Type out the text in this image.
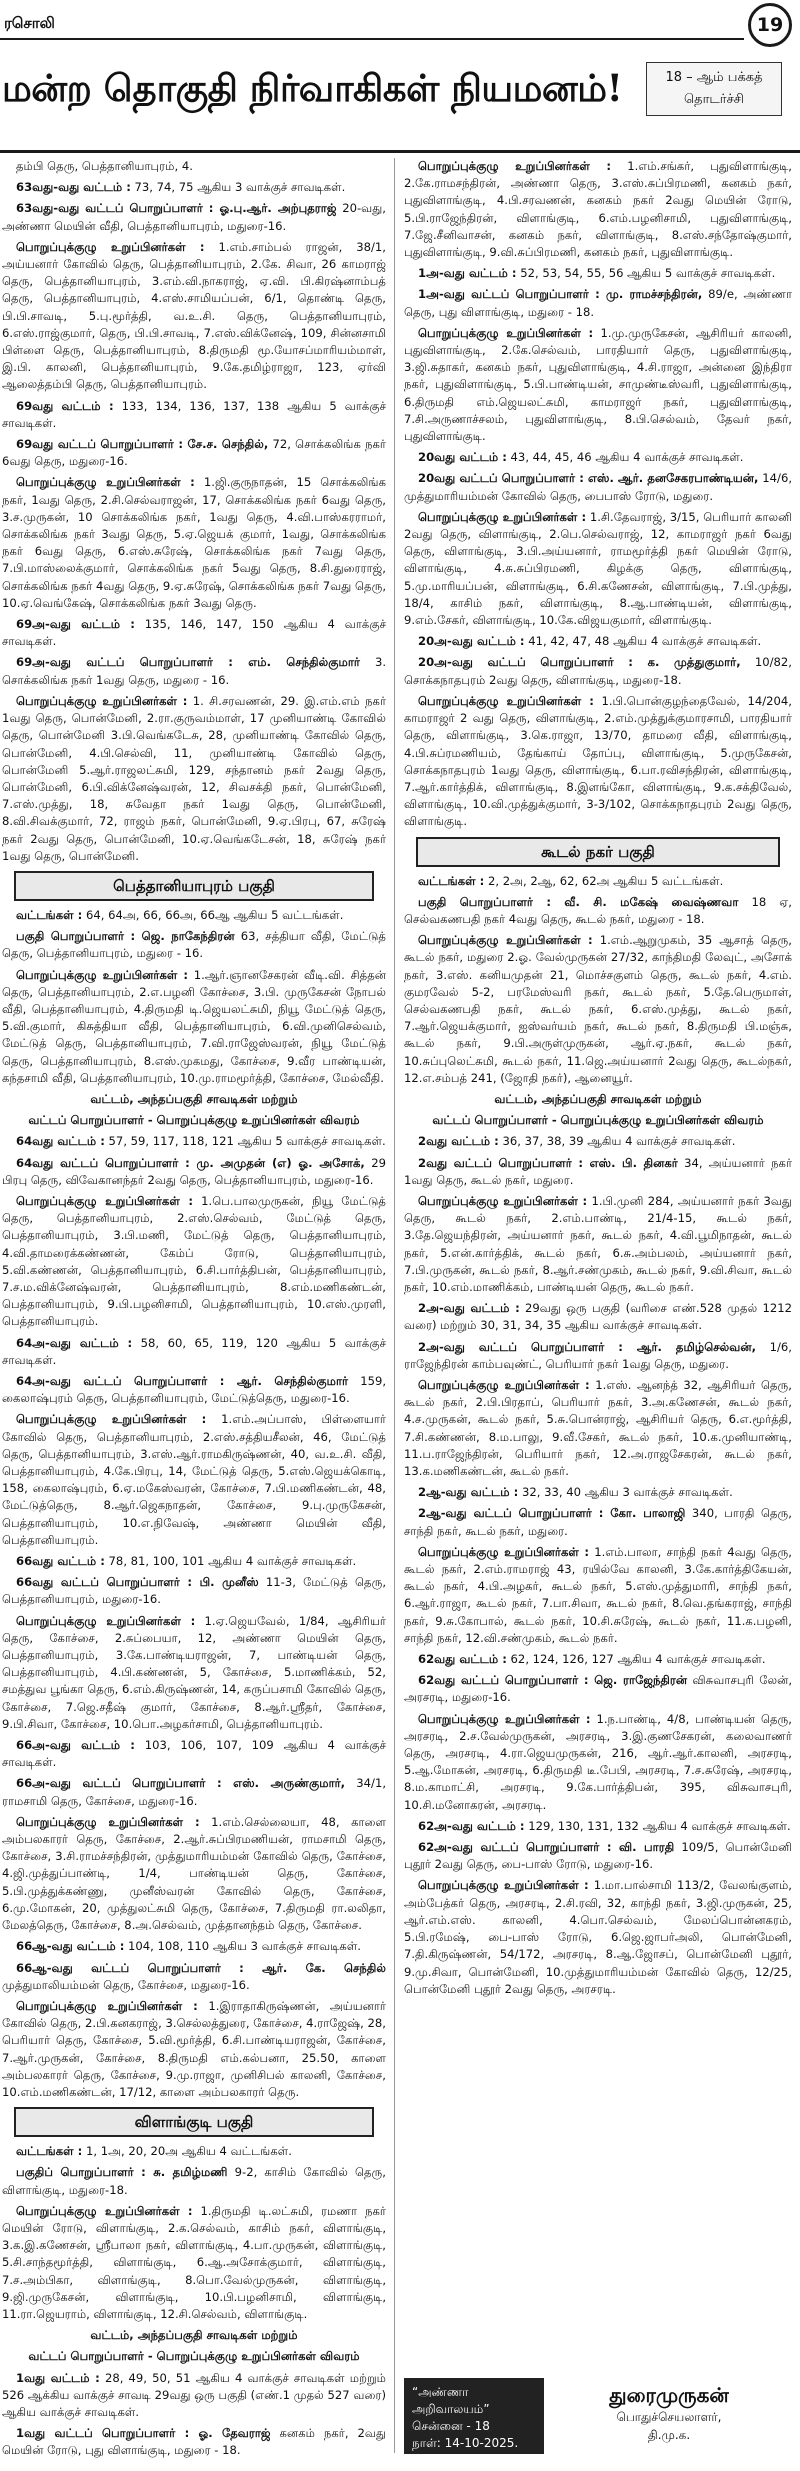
ரசொலி	19
மன்ற தொகுதி நிர்வாகிகள் நியமனம்!	18 – ஆம் பக்கத்
தொடர்ச்சி

தம்பி தெரு, பெத்தானியாபுரம், 4.

63வது-வது வட்டம் : 73, 74, 75 ஆகிய 3 வாக்குச் சாவடிகள்.

63வது-வது வட்டப் பொறுப்பாளர் : ஓ.பு.ஆர். அற்புதராஜ் 20-வது, அண்ணா மெயின் வீதி, பெத்தானியாபுரம், மதுரை-16.

பொறுப்புக்குழு உறுப்பினர்கள் : 1.எம்.சாம்பல் ராஜன், 38/1, அய்யனார் கோவில் தெரு, பெத்தானியாபுரம், 2.கே. சிவா, 26 காமராஜ் தெரு, பெத்தானியாபுரம், 3.எம்.வி.நாகராஜ், ஏ.வி. பி.கிரஷ்னாம்பத் தெரு, பெத்தானியாபுரம், 4.எஸ்.சாமியப்பன், 6/1, தொண்டி தெரு, பி.பி.சாவடி, 5.பு.மூர்த்தி, வ.உ.சி. தெரு, பெத்தானியாபுரம், 6.எஸ்.ராஜ்குமார், தெரு, பி.பி.சாவடி, 7.எஸ்.விக்னேஷ், 109, சின்னசாமி பிள்ளை தெரு, பெத்தானியாபுரம், 8.திருமதி மூ.யோசப்மாரியம்மாள், இ.பி. காலனி, பெத்தானியாபுரம், 9.கே.தமிழ்ராஜா, 123, ஏர்வி ஆலைத்தம்பி தெரு, பெத்தானியாபுரம்.

69வது வட்டம் : 133, 134, 136, 137, 138 ஆகிய 5 வாக்குச் சாவடிகள்.

69வது வட்டப் பொறுப்பாளர் : சே.ச. செந்தில், 72, சொக்கலிங்க நகர் 6வது தெரு, மதுரை-16.

பொறுப்புக்குழு உறுப்பினர்கள் : 1.ஜி.குருநாதன், 15 சொக்கலிங்க நகர், 1வது தெரு, 2.சி.செல்வராஜன், 17, சொக்கலிங்க நகர் 6வது தெரு, 3.ச.முருகன், 10 சொக்கலிங்க நகர், 1வது தெரு, 4.வி.பாஸ்கரராமர், சொக்கலிங்க நகர் 3வது தெரு, 5.ஏ.ஜெயக் குமார், 1வது, சொக்கலிங்க நகர் 6வது தெரு, 6.எஸ்.சுரேஷ், சொக்கலிங்க நகர் 7வது தெரு, 7.பி.மாஸ்லைக்குமார், சொக்கலிங்க நகர் 5வது தெரு, 8.சி.துரைராஜ், சொக்கலிங்க நகர் 4வது தெரு, 9.ஏ.சுரேஷ், சொக்கலிங்க நகர் 7வது தெரு, 10.ஏ.வெங்கேஷ், சொக்கலிங்க நகர் 3வது தெரு.

69அ-வது வட்டம் : 135, 146, 147, 150 ஆகிய 4 வாக்குச் சாவடிகள்.

69அ-வது வட்டப் பொறுப்பாளர் : எம். செந்தில்குமார் 3. சொக்கலிங்க நகர் 1வது தெரு, மதுரை - 16.

பொறுப்புக்குழு உறுப்பினர்கள் : 1. சி.சரவணன், 29. இ.எம்.எம் நகர் 1வது தெரு, பொன்மேனி, 2.ரா.குருவம்மாள், 17 முனியாண்டி கோவில் தெரு, பொன்மேனி 3.பி.வெங்கடேசு, 28, முனியாண்டி கோவில் தெரு, பொன்மேனி, 4.பி.செல்வி, 11, முனியாண்டி கோவில் தெரு, பொன்மேனி 5.ஆர்.ராஜலட்சுமி, 129, சந்தானம் நகர் 2வது தெரு, பொன்மேனி, 6.பி.விக்னேஷ்வரன், 12, சிவசக்தி நகர், பொன்மேனி, 7.எஸ்.முத்து, 18, சுவேதா நகர் 1வது தெரு, பொன்மேனி, 8.வி.சிவக்குமார், 72, ராஜம் நகர், பொன்மேனி, 9.ஏ.பிரபு, 67, சுரேஷ் நகர் 2வது தெரு, பொன்மேனி, 10.ஏ.வெங்கடேசன், 18, சுரேஷ் நகர் 1வது தெரு, பொன்மேனி.

பெத்தானியாபுரம் பகுதி

வட்டங்கள் : 64, 64அ, 66, 66அ, 66ஆ ஆகிய 5 வட்டங்கள்.

பகுதி பொறுப்பாளர் : ஜெ. நாகேந்திரன் 63, சத்தியா வீதி, மேட்டுத் தெரு, பெத்தானியாபுரம், மதுரை - 16.

பொறுப்புக்குழு உறுப்பினர்கள் : 1.ஆர்.ஞானசேகரன் வீடி.வி. சித்தன் தெரு, பெத்தானியாபுரம், 2.எ.பழனி கோச்சை, 3.பி. முருகேசன் நோபல் வீதி, பெத்தானியாபுரம், 4.திருமதி டி.ஜெயலட்சுமி, நியூ மேட்டுத் தெரு, 5.வி.குமார், கிசுத்தியா வீதி, பெத்தானியாபுரம், 6.வி.முனிசெல்வம், மேட்டுத் தெரு, பெத்தானியாபுரம், 7.வி.ராஜேஸ்வரன், நியூ மேட்டுத் தெரு, பெத்தானியாபுரம், 8.எஸ்.முகமது, கோச்சை, 9.வீர பாண்டியன், கந்தசாமி வீதி, பெத்தானியாபுரம், 10.மு.ராமமூர்த்தி, கோச்சை, மேல்வீதி.

வட்டம், அந்தப்பகுதி சாவடிகள் மற்றும்
வட்டப் பொறுப்பாளர் - பொறுப்புக்குழு உறுப்பினர்கள் விவரம்

64வது வட்டம் : 57, 59, 117, 118, 121 ஆகிய 5 வாக்குச் சாவடிகள்.

64வது வட்டப் பொறுப்பாளர் : மு. அமுதன் (எ) ஓ. அசோக், 29 பிரபு தெரு, விவேகானந்தர் 2வது தெரு, பெத்தானியாபுரம், மதுரை-16.

பொறுப்புக்குழு உறுப்பினர்கள் : 1.பெ.பாலமுருகன், நியூ மேட்டுத் தெரு, பெத்தானியாபுரம், 2.எஸ்.செல்வம், மேட்டுத் தெரு, பெத்தானியாபுரம், 3.பி.மணி, மேட்டுத் தெரு, பெத்தானியாபுரம், 4.வி.தாமரைக்கண்ணன், கேம்ப் ரோடு, பெத்தானியாபுரம், 5.வி.கண்ணன், பெத்தானியாபுரம், 6.சி.பார்த்திபன், பெத்தானியாபுரம், 7.ச.ம.விக்னேஷ்வரன், பெத்தானியாபுரம், 8.எம்.மணிகண்டன், பெத்தானியாபுரம், 9.பி.பழனிசாமி, பெத்தானியாபுரம், 10.எஸ்.முரளி, பெத்தானியாபுரம்.

64அ-வது வட்டம் : 58, 60, 65, 119, 120 ஆகிய 5 வாக்குச் சாவடிகள்.

64அ-வது வட்டப் பொறுப்பாளர் : ஆர். செந்தில்குமார் 159, கைலாஷ்புரம் தெரு, பெத்தானியாபுரம், மேட்டுத்தெரு, மதுரை-16.

பொறுப்புக்குழு உறுப்பினர்கள் : 1.எம்.அப்பாஸ், பிள்ளையார் கோவில் தெரு, பெத்தானியாபுரம், 2.எஸ்.சத்தியசீலன், 46, மேட்டுத் தெரு, பெத்தானியாபுரம், 3.எஸ்.ஆர்.ராமகிருஷ்ணன், 40, வ.உ.சி. வீதி, பெத்தானியாபுரம், 4.கே.பிரபு, 14, மேட்டுத் தெரு, 5.எஸ்.ஜெயக்கொடி, 158, கைலாஷ்புரம், 6.ஏ.மகேஸ்வரன், கோச்சை, 7.பி.மணிகண்டன், 48, மேட்டுத்தெரு, 8.ஆர்.ஜெகநாதன், கோச்சை, 9.பு.முருகேசன், பெத்தானியாபுரம், 10.எ.நிவேஷ், அண்ணா மெயின் வீதி, பெத்தானியாபுரம்.

66வது வட்டம் : 78, 81, 100, 101 ஆகிய 4 வாக்குச் சாவடிகள்.

66வது வட்டப் பொறுப்பாளர் : பி. முனீஸ் 11-3, மேட்டுத் தெரு, பெத்தானியாபுரம், மதுரை-16.

பொறுப்புக்குழு உறுப்பினர்கள் : 1.ஏ.ஜெயவேல், 1/84, ஆசிரியர் தெரு, கோச்சை, 2.சுப்பையா, 12, அண்ணா மெயின் தெரு, பெத்தானியாபுரம், 3.கே.பாண்டியராஜன், 7, பாண்டியன் தெரு, பெத்தானியாபுரம், 4.பி.கண்ணன், 5, கோச்சை, 5.மாணிக்கம், 52, சமத்துவ பூங்கா தெரு, 6.எம்.கிருஷ்ணன், 14, கருப்பசாமி கோவில் தெரு, கோச்சை, 7.ஜெ.சதீஷ் குமார், கோச்சை, 8.ஆர்.ஸ்ரீதர், கோச்சை, 9.பி.சிவா, கோச்சை, 10.பொ.அழகர்சாமி, பெத்தானியாபுரம்.

66அ-வது வட்டம் : 103, 106, 107, 109 ஆகிய 4 வாக்குச் சாவடிகள்.

66அ-வது வட்டப் பொறுப்பாளர் : எஸ். அருண்குமார், 34/1, ராமசாமி தெரு, கோச்சை, மதுரை-16.

பொறுப்புக்குழு உறுப்பினர்கள் : 1.எம்.செல்லையா, 48, காளை அம்பலகாரர் தெரு, கோச்சை, 2.ஆர்.சுப்பிரமணியன், ராமசாமி தெரு, கோச்சை, 3.சி.ராமச்சந்திரன், முத்துமாரியம்மன் கோவில் தெரு, கோச்சை, 4.ஜி.முத்துப்பாண்டி, 1/4, பாண்டியன் தெரு, கோச்சை, 5.பி.முத்துக்கண்ணு, முனீஸ்வரன் கோவில் தெரு, கோச்சை, 6.மு.மோகன், 20, முத்துலட்சுமி தெரு, கோச்சை, 7.திருமதி ரா.லலிதா, மேலத்தெரு, கோச்சை, 8.அ.செல்வம், முத்தானந்தம் தெரு, கோச்சை.

66ஆ-வது வட்டம் : 104, 108, 110 ஆகிய 3 வாக்குச் சாவடிகள்.

66ஆ-வது வட்டப் பொறுப்பாளர் : ஆர். கே. செந்தில் முத்துமாலியம்மன் தெரு, கோச்சை, மதுரை-16.

பொறுப்புக்குழு உறுப்பினர்கள் : 1.இராதாகிருஷ்ணன், அய்யனார் கோவில் தெரு, 2.பி.கனகராஜ், 3.செல்லத்துரை, கோச்சை, 4.ராஜேஷ், 28, பெரியார் தெரு, கோச்சை, 5.வி.மூர்த்தி, 6.சி.பாண்டியராஜன், கோச்சை, 7.ஆர்.முருகன், கோச்சை, 8.திருமதி எம்.கல்பனா, 25.50, காளை அம்பலகாரர் தெரு, கோச்சை, 9.மு.ராஜா, முனிசிபல் காலனி, கோச்சை, 10.எம்.மணிகண்டன், 17/12, காளை அம்பலகாரர் தெரு.

விளாங்குடி பகுதி

வட்டங்கள் : 1, 1அ, 20, 20அ ஆகிய 4 வட்டங்கள்.

பகுதிப் பொறுப்பாளர் : சு. தமிழ்மணி 9-2, காசிம் கோவில் தெரு, விளாங்குடி, மதுரை-18.

பொறுப்புக்குழு உறுப்பினர்கள் : 1.திருமதி டி.லட்சுமி, ரமணா நகர் மெயின் ரோடு, விளாங்குடி, 2.க.செல்வம், காசிம் நகர், விளாங்குடி, 3.க.இ.கணேசன், ஸ்ரீபாலா நகர், விளாங்குடி, 4.பா.முருகன், விளாங்குடி, 5.சி.சாந்தமூர்த்தி, விளாங்குடி, 6.ஆ.அசோக்குமார், விளாங்குடி, 7.ச.அம்பிகா, விளாங்குடி, 8.பொ.வேல்முருகன், விளாங்குடி, 9.ஜி.முருகேசன், விளாங்குடி, 10.பி.பழனிசாமி, விளாங்குடி, 11.ரா.ஜெயராம், விளாங்குடி, 12.சி.செல்வம், விளாங்குடி.

வட்டம், அந்தப்பகுதி சாவடிகள் மற்றும்
வட்டப் பொறுப்பாளர் - பொறுப்புக்குழு உறுப்பினர்கள் விவரம்

1வது வட்டம் : 28, 49, 50, 51 ஆகிய 4 வாக்குச் சாவடிகள் மற்றும் 526 ஆக்கிய வாக்குச் சாவடி 29வது ஒரு பகுதி (எண்.1 முதல் 527 வரை) ஆகிய வாக்குச் சாவடிகள்.

1வது வட்டப் பொறுப்பாளர் : ஓ. தேவராஜ் கனகம் நகர், 2வது மெயின் ரோடு, புது விளாங்குடி, மதுரை - 18.

பொறுப்புக்குழு உறுப்பினர்கள் : 1.எம்.சங்கர், புதுவிளாங்குடி, 2.கே.ராமசந்திரன், அண்ணா தெரு, 3.எஸ்.சுப்பிரமணி, கனகம் நகர், புதுவிளாங்குடி, 4.பி.சரவணன், கனகம் நகர் 2வது மெயின் ரோடு, 5.பி.ராஜேந்திரன், விளாங்குடி, 6.எம்.பழனிசாமி, புதுவிளாங்குடி, 7.ஜே.சீனிவாசன், கனகம் நகர், விளாங்குடி, 8.எஸ்.சந்தோஷ்குமார், புதுவிளாங்குடி, 9.வி.சுப்பிரமணி, கனகம் நகர், புதுவிளாங்குடி.

1அ-வது வட்டம் : 52, 53, 54, 55, 56 ஆகிய 5 வாக்குச் சாவடிகள்.

1அ-வது வட்டப் பொறுப்பாளர் : மு. ராமச்சந்திரன், 89/e, அண்ணா தெரு, புது விளாங்குடி, மதுரை - 18.

பொறுப்புக்குழு உறுப்பினர்கள் : 1.மு.முருகேசன், ஆசிரியர் காலனி, புதுவிளாங்குடி, 2.கே.செல்வம், பாரதியார் தெரு, புதுவிளாங்குடி, 3.ஜி.சுதாகர், கனகம் நகர், புதுவிளாங்குடி, 4.சி.ராஜா, அன்னை இந்திரா நகர், புதுவிளாங்குடி, 5.பி.பாண்டியன், சாமுண்டீஸ்வரி, புதுவிளாங்குடி, 6.திருமதி எம்.ஜெயலட்சுமி, காமராஜர் நகர், புதுவிளாங்குடி, 7.சி.அருணாச்சலம், புதுவிளாங்குடி, 8.பி.செல்வம், தேவர் நகர், புதுவிளாங்குடி.

20வது வட்டம் : 43, 44, 45, 46 ஆகிய 4 வாக்குச் சாவடிகள்.

20வது வட்டப் பொறுப்பாளர் : எஸ். ஆர். தனசேகரபாண்டியன், 14/6, முத்துமாரியம்மன் கோவில் தெரு, பைபாஸ் ரோடு, மதுரை.

பொறுப்புக்குழு உறுப்பினர்கள் : 1.சி.தேவராஜ், 3/15, பெரியார் காலனி 2வது தெரு, விளாங்குடி, 2.பெ.செல்வராஜ், 12, காமராஜர் நகர் 6வது தெரு, விளாங்குடி, 3.பி.அய்யனார், ராமமூர்த்தி நகர் மெயின் ரோடு, விளாங்குடி, 4.சு.சுப்பிரமணி, கிழக்கு தெரு, விளாங்குடி, 5.மு.மாரியப்பன், விளாங்குடி, 6.சி.கணேசன், விளாங்குடி, 7.பி.முத்து, 18/4, காசிம் நகர், விளாங்குடி, 8.ஆ.பாண்டியன், விளாங்குடி, 9.எம்.சேகர், விளாங்குடி, 10.கே.விஜயகுமார், விளாங்குடி.

20அ-வது வட்டம் : 41, 42, 47, 48 ஆகிய 4 வாக்குச் சாவடிகள்.

20அ-வது வட்டப் பொறுப்பாளர் : க. முத்துகுமார், 10/82, சொக்கநாதபுரம் 2வது தெரு, விளாங்குடி, மதுரை-18.

பொறுப்புக்குழு உறுப்பினர்கள் : 1.பி.பொன்குழந்தைவேல், 14/204, காமராஜர் 2 வது தெரு, விளாங்குடி, 2.எம்.முத்துக்குமாரசாமி, பாரதியார் தெரு, விளாங்குடி, 3.கெ.ராஜா, 13/70, தாமரை வீதி, விளாங்குடி, 4.பி.சுப்ரமணியம், தேங்காய் தோப்பு, விளாங்குடி, 5.முருகேசன், சொக்கநாதபுரம் 1வது தெரு, விளாங்குடி, 6.பா.ரவிசந்திரன், விளாங்குடி, 7.ஆர்.கார்த்திக், விளாங்குடி, 8.இளங்கோ, விளாங்குடி, 9.க.சக்திவேல், விளாங்குடி, 10.வி.முத்துக்குமார், 3-3/102, சொக்கநாதபுரம் 2வது தெரு, விளாங்குடி.

கூடல் நகர் பகுதி

வட்டங்கள் : 2, 2அ, 2ஆ, 62, 62அ ஆகிய 5 வட்டங்கள்.

பகுதி பொறுப்பாளர் : வீ. சி. மகேஷ் வைஷ்ணவா 18 ஏ, செல்வகணபதி நகர் 4வது தெரு, கூடல் நகர், மதுரை - 18.

பொறுப்புக்குழு உறுப்பினர்கள் : 1.எம்.ஆறுமுகம், 35 ஆசாத் தெரு, கூடல் நகர், மதுரை 2.ஓ. வேல்முருகன் 27/32, காந்திமதி லேவுட், அசோக் நகர், 3.எஸ். கனியமுதன் 21, மொச்சகுளம் தெரு, கூடல் நகர், 4.எம். குமரவேல் 5-2, பரமேஸ்வரி நகர், கூடல் நகர், 5.தே.பெருமாள், செல்வகணபதி நகர், கூடல் நகர், 6.எஸ்.முத்து, கூடல் நகர், 7.ஆர்.ஜெயக்குமார், ஐஸ்வர்யம் நகர், கூடல் நகர், 8.திருமதி பி.மஞ்சு, கூடல் நகர், 9.பி.அருள்முருகன், ஆர்.ஏ.நகர், கூடல் நகர், 10.சுப்புலெட்சுமி, கூடல் நகர், 11.ஜெ.அய்யனார் 2வது தெரு, கூடல்நகர், 12.எ.சம்பத் 241, (ஜோதி நகர்), ஆனையூர்.

வட்டம், அந்தப்பகுதி சாவடிகள் மற்றும்
வட்டப் பொறுப்பாளர் - பொறுப்புக்குழு உறுப்பினர்கள் விவரம்

2வது வட்டம் : 36, 37, 38, 39 ஆகிய 4 வாக்குச் சாவடிகள்.

2வது வட்டப் பொறுப்பாளர் : எஸ். பி. தினகர் 34, அய்யனார் நகர் 1வது தெரு, கூடல் நகர், மதுரை.

பொறுப்புக்குழு உறுப்பினர்கள் : 1.பி.முனி 284, அய்யனார் நகர் 3வது தெரு, கூடல் நகர், 2.எம்.பாண்டி, 21/4-15, கூடல் நகர், 3.தே.ஜெயந்திரன், அய்யனார் நகர், கூடல் நகர், 4.வி.பூமிநாதன், கூடல் நகர், 5.என்.கார்த்திக், கூடல் நகர், 6.சு.அம்பலம், அய்யனார் நகர், 7.பி.முருகன், கூடல் நகர், 8.ஆர்.சண்முகம், கூடல் நகர், 9.வி.சிவா, கூடல் நகர், 10.எம்.மாணிக்கம், பாண்டியன் தெரு, கூடல் நகர்.

2அ-வது வட்டம் : 29வது ஒரு பகுதி (வரிசை எண்.528 முதல் 1212 வரை) மற்றும் 30, 31, 34, 35 ஆகிய வாக்குச் சாவடிகள்.

2அ-வது வட்டப் பொறுப்பாளர் : ஆர். தமிழ்செல்வன், 1/6, ராஜேந்திரன் காம்பவுண்ட், பெரியார் நகர் 1வது தெரு, மதுரை.

பொறுப்புக்குழு உறுப்பினர்கள் : 1.எஸ். ஆனந்த் 32, ஆசிரியர் தெரு, கூடல் நகர், 2.பி.பிரதாப், பெரியார் நகர், 3.அ.கணேசன், கூடல் நகர், 4.ச.முருகன், கூடல் நகர், 5.சு.பொன்ராஜ், ஆசிரியர் தெரு, 6.எ.மூர்த்தி, 7.சி.கண்ணன், 8.ம.பாலு, 9.வீ.சேகர், கூடல் நகர், 10.க.முனியாண்டி, 11.ப.ராஜேந்திரன், பெரியார் நகர், 12.அ.ராஜசேகரன், கூடல் நகர், 13.க.மணிகண்டன், கூடல் நகர்.

2ஆ-வது வட்டம் : 32, 33, 40 ஆகிய 3 வாக்குச் சாவடிகள்.

2ஆ-வது வட்டப் பொறுப்பாளர் : கோ. பாலாஜி 340, பாரதி தெரு, சாந்தி நகர், கூடல் நகர், மதுரை.

பொறுப்புக்குழு உறுப்பினர்கள் : 1.எம்.பாலா, சாந்தி நகர் 4வது தெரு, கூடல் நகர், 2.எம்.ராமராஜ் 43, ரயில்வே காலனி, 3.கே.கார்த்திகேயன், கூடல் நகர், 4.பி.அழகர், கூடல் நகர், 5.எஸ்.முத்துமாரி, சாந்தி நகர், 6.ஆர்.ராஜா, கூடல் நகர், 7.பா.சிவா, கூடல் நகர், 8.வெ.தங்கராஜ், சாந்தி நகர், 9.சு.கோபால், கூடல் நகர், 10.சி.சுரேஷ், கூடல் நகர், 11.க.பழனி, சாந்தி நகர், 12.வி.சண்முகம், கூடல் நகர்.

62வது வட்டம் : 62, 124, 126, 127 ஆகிய 4 வாக்குச் சாவடிகள்.

62வது வட்டப் பொறுப்பாளர் : ஜெ. ராஜேந்திரன் விசுவாசபுரி லேன், அரசரடி, மதுரை-16.

பொறுப்புக்குழு உறுப்பினர்கள் : 1.ந.பாண்டி, 4/8, பாண்டியன் தெரு, அரசரடி, 2.ச.வேல்முருகன், அரசரடி, 3.இ.குணசேகரன், கலைவாணர் தெரு, அரசரடி, 4.ரா.ஜெயமுருகன், 216, ஆர்.ஆர்.காலனி, அரசரடி, 5.ஆ.மோகன், அரசரடி, 6.திருமதி டீ.பேபி, அரசரடி, 7.ச.சுரேஷ், அரசரடி, 8.ம.காமாட்சி, அரசரடி, 9.கே.பார்த்திபன், 395, விசுவாசபுரி, 10.சி.மனோகரன், அரசரடி.

62அ-வது வட்டம் : 129, 130, 131, 132 ஆகிய 4 வாக்குச் சாவடிகள்.

62அ-வது வட்டப் பொறுப்பாளர் : வி. பாரதி 109/5, பொன்மேனி புதூர் 2வது தெரு, பை-பாஸ் ரோடு, மதுரை-16.

பொறுப்புக்குழு உறுப்பினர்கள் : 1.மா.பால்சாமி 113/2, வேலங்குளம், அம்பேத்கர் தெரு, அரசரடி, 2.சி.ரவி, 32, காந்தி நகர், 3.ஜி.முருகன், 25, ஆர்.எம்.எஸ். காலனி, 4.பொ.செல்வம், மேலப்பொன்னகரம், 5.பி.ரமேஷ், பை-பாஸ் ரோடு, 6.ஜெ.ஜாபர்அலி, பொன்மேனி, 7.தி.கிருஷ்ணன், 54/172, அரசரடி, 8.ஆ.ஜோசப், பொன்மேனி புதூர், 9.மு.சிவா, பொன்மேனி, 10.முத்துமாரியம்மன் கோவில் தெரு, 12/25, பொன்மேனி புதூர் 2வது தெரு, அரசரடி.

“அண்ணா அறிவாலயம்”
சென்னை - 18
நாள்: 14-10-2025.
துரைமுருகன்
பொதுச்செயலாளர்,
தி.மு.க.
